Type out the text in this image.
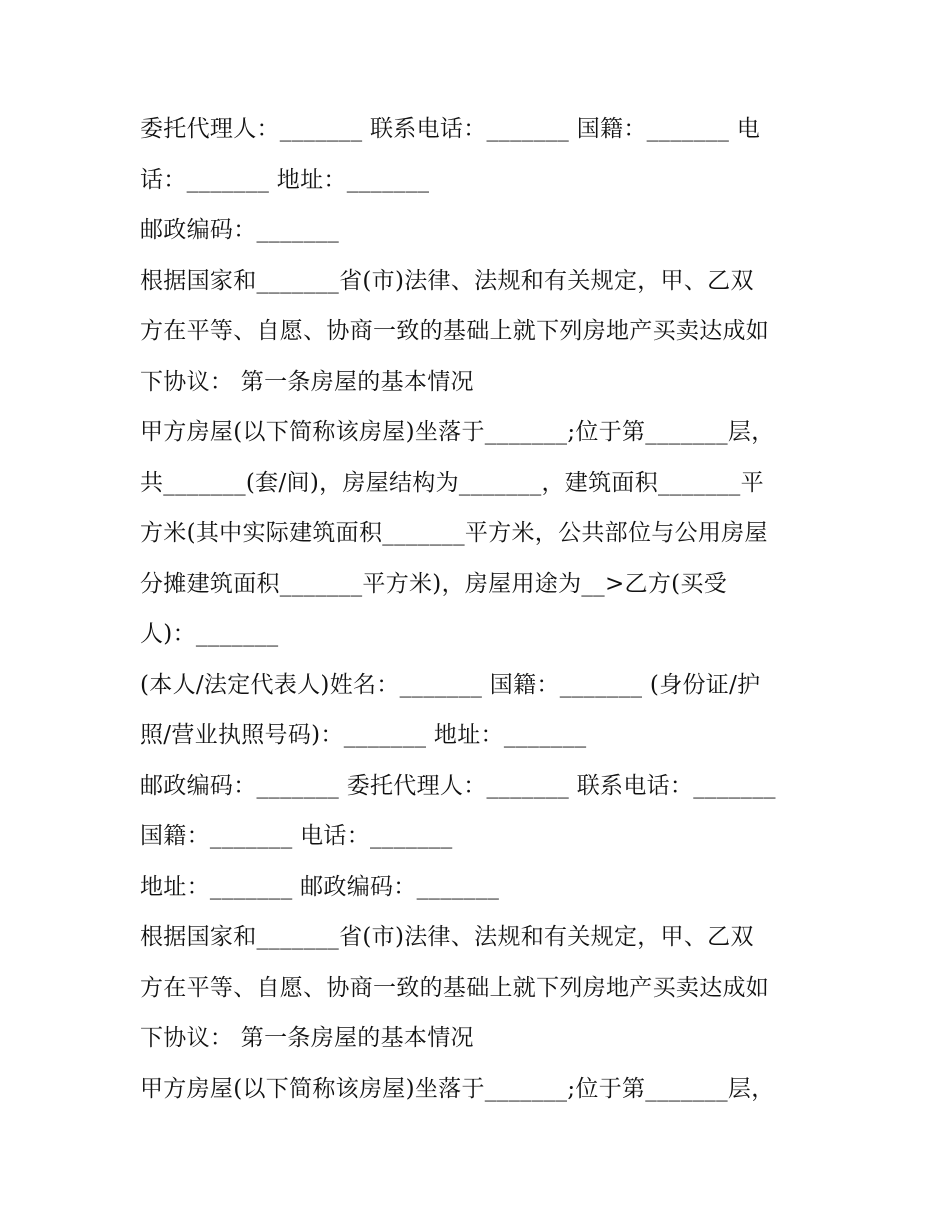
委托代理人：_______ 联系电话：_______ 国籍：_______ 电
话：_______ 地址：_______
邮政编码：_______
根据国家和_______省(市)法律、法规和有关规定，甲、乙双
方在平等、自愿、协商一致的基础上就下列房地产买卖达成如
下协议： 第一条房屋的基本情况
甲方房屋(以下简称该房屋)坐落于_______;位于第_______层，
共_______(套/间)，房屋结构为_______，建筑面积_______平
方米(其中实际建筑面积_______平方米，公共部位与公用房屋
分摊建筑面积_______平方米)，房屋用途为__>乙方(买受
人)：_______
(本人/法定代表人)姓名：_______ 国籍：_______ (身份证/护
照/营业执照号码)：_______ 地址：_______
邮政编码：_______ 委托代理人：_______ 联系电话：_______
国籍：_______ 电话：_______
地址：_______ 邮政编码：_______
根据国家和_______省(市)法律、法规和有关规定，甲、乙双
方在平等、自愿、协商一致的基础上就下列房地产买卖达成如
下协议： 第一条房屋的基本情况
甲方房屋(以下简称该房屋)坐落于_______;位于第_______层，
